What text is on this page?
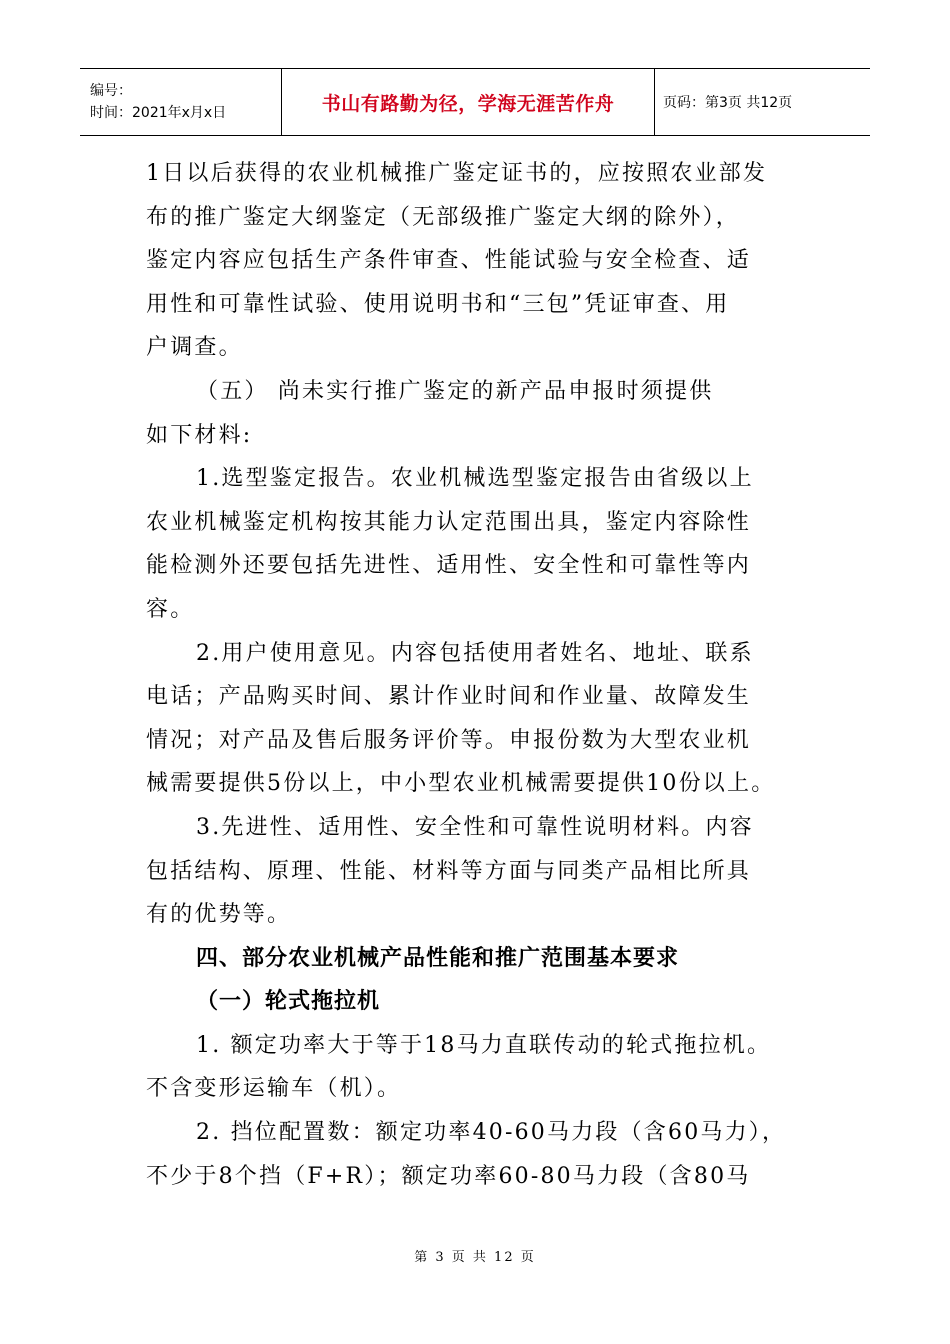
编号：
时间：2021年x月x日	书山有路勤为径，学海无涯苦作舟	页码：第3页 共12页
1日以后获得的农业机械推广鉴定证书的，应按照农业部发
布的推广鉴定大纲鉴定（无部级推广鉴定大纲的除外），
鉴定内容应包括生产条件审查、性能试验与安全检查、适
用性和可靠性试验、使用说明书和“三包”凭证审查、用
户调查。
（五） 尚未实行推广鉴定的新产品申报时须提供
如下材料:
1.选型鉴定报告。农业机械选型鉴定报告由省级以上
农业机械鉴定机构按其能力认定范围出具，鉴定内容除性
能检测外还要包括先进性、适用性、安全性和可靠性等内
容。
2.用户使用意见。内容包括使用者姓名、地址、联系
电话；产品购买时间、累计作业时间和作业量、故障发生
情况；对产品及售后服务评价等。申报份数为大型农业机
械需要提供5份以上，中小型农业机械需要提供10份以上。
3.先进性、适用性、安全性和可靠性说明材料。内容
包括结构、原理、性能、材料等方面与同类产品相比所具
有的优势等。
四、部分农业机械产品性能和推广范围基本要求
（一）轮式拖拉机
1. 额定功率大于等于18马力直联传动的轮式拖拉机。
不含变形运输车（机）。
2. 挡位配置数：额定功率40-60马力段（含60马力），
不少于8个挡（F+R）；额定功率60-80马力段（含80马
第 3 页 共 12 页
